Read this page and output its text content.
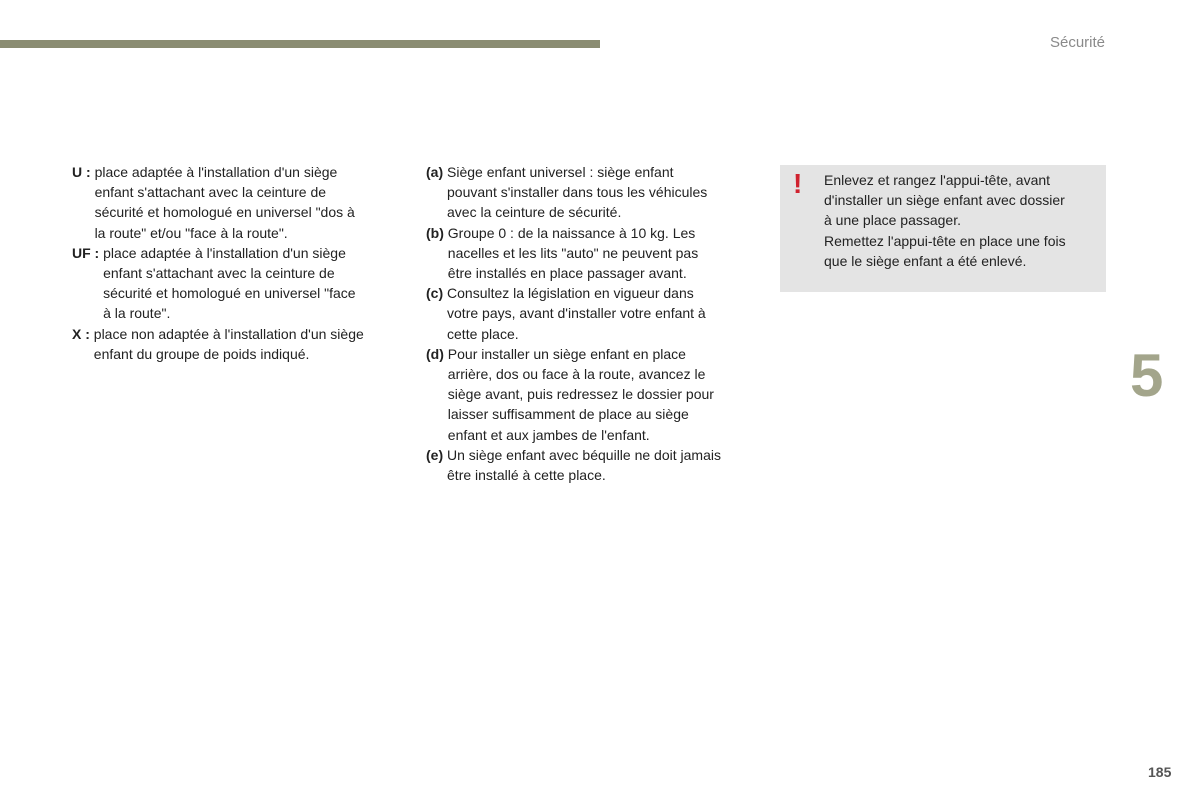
Sécurité
5
185
U :
place adaptée à l'installation d'un siège
enfant s'attachant avec la ceinture de
sécurité et homologué en universel "dos à
la route" et/ou "face à la route".
UF :
place adaptée à l'installation d'un siège
enfant s'attachant avec la ceinture de
sécurité et homologué en universel "face
à la route".
X :
place non adaptée à l'installation d'un siège
enfant du groupe de poids indiqué.
(a)
Siège enfant universel : siège enfant
pouvant s'installer dans tous les véhicules
avec la ceinture de sécurité.
(b)
Groupe 0 : de la naissance à 10 kg. Les
nacelles et les lits "auto" ne peuvent pas
être installés en place passager avant.
(c)
Consultez la législation en vigueur dans
votre pays, avant d'installer votre enfant à
cette place.
(d)
Pour installer un siège enfant en place
arrière, dos ou face à la route, avancez le
siège avant, puis redressez le dossier pour
laisser suffisamment de place au siège
enfant et aux jambes de l'enfant.
(e)
Un siège enfant avec béquille ne doit jamais
être installé à cette place.
! Enlevez et rangez l'appui-tête, avant
d'installer un siège enfant avec dossier
à une place passager.
Remettez l'appui-tête en place une fois
que le siège enfant a été enlevé.
